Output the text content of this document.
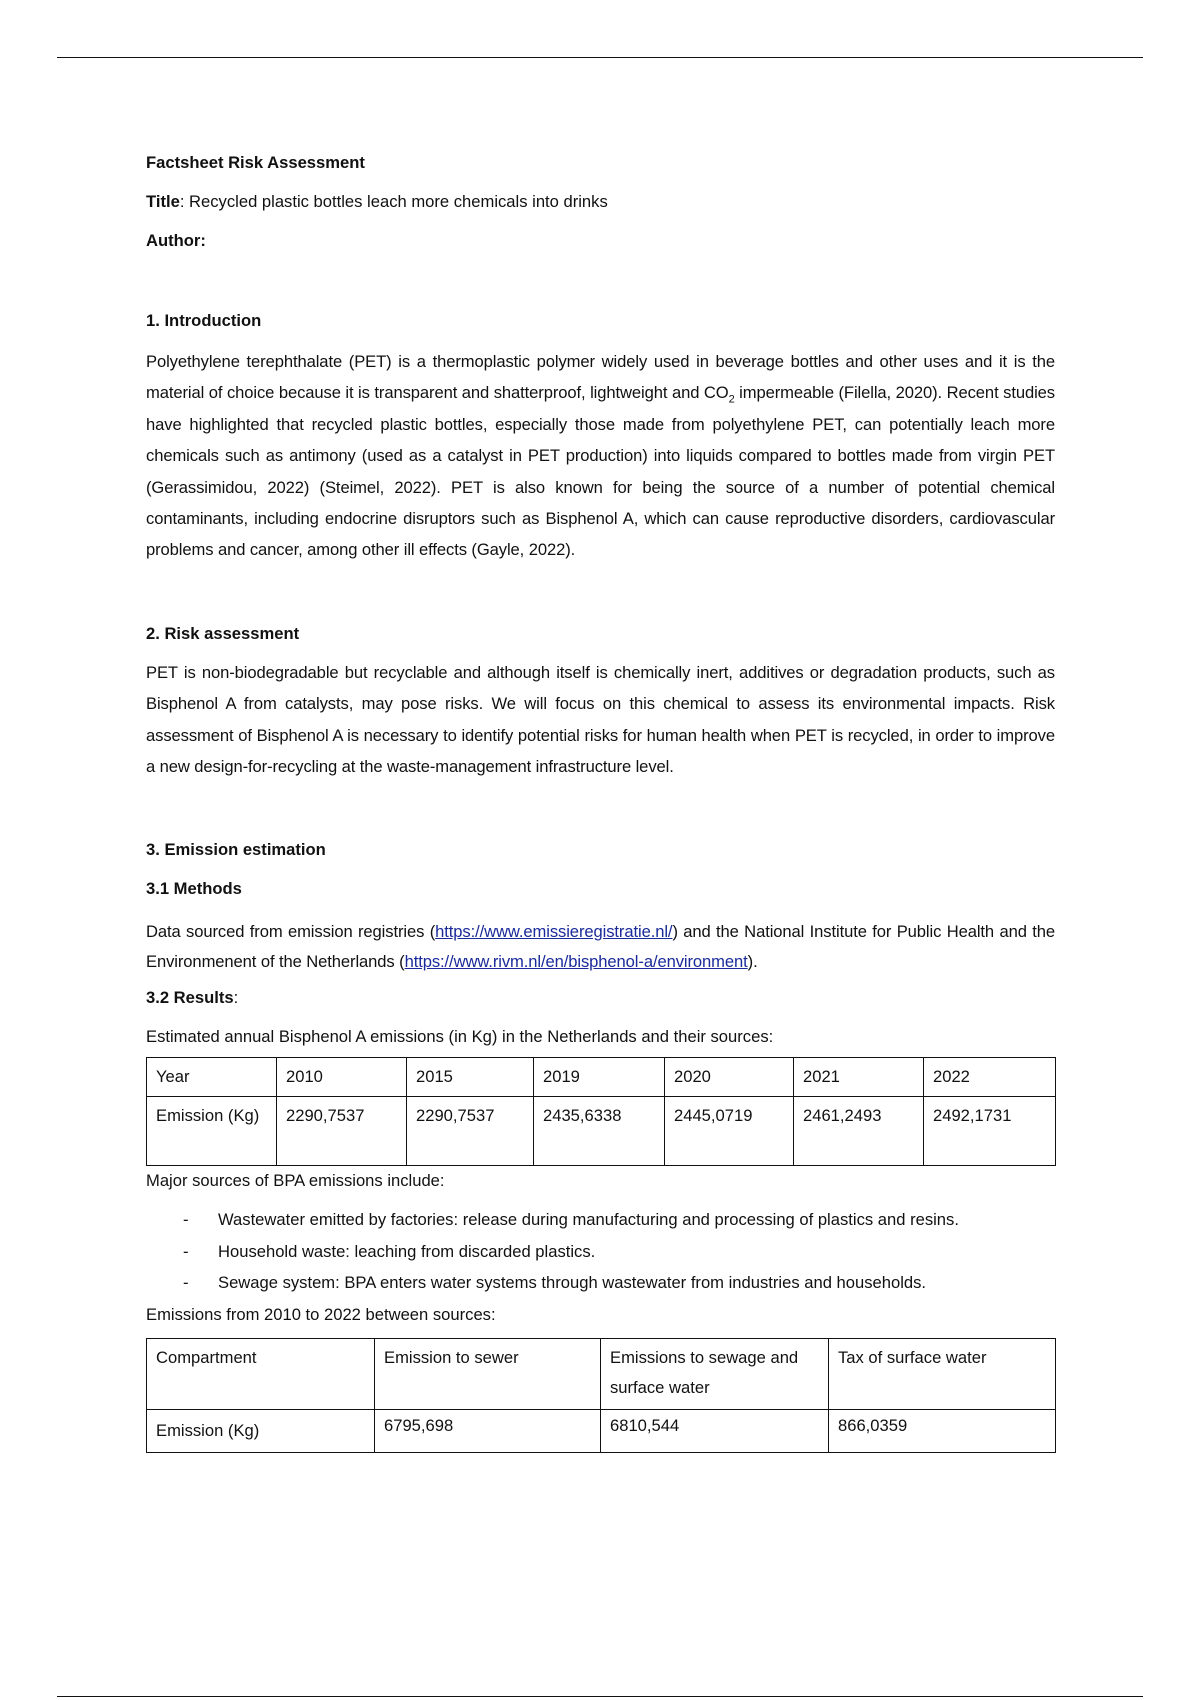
Factsheet Risk Assessment

Title: Recycled plastic bottles leach more chemicals into drinks

Author:

1. Introduction

Polyethylene terephthalate (PET) is a thermoplastic polymer widely used in beverage bottles and other uses and it is the material of choice because it is transparent and shatterproof, lightweight and $CO_2$ impermeable (Filella, 2020). Recent studies have highlighted that recycled plastic bottles, especially those made from polyethylene PET, can potentially leach more chemicals such as antimony (used as a catalyst in PET production) into liquids compared to bottles made from virgin PET (Gerassimidou, 2022) (Steimel, 2022). PET is also known for being the source of a number of potential chemical contaminants, including endocrine disruptors such as Bisphenol A, which can cause reproductive disorders, cardiovascular problems and cancer, among other ill effects (Gayle, 2022).

2. Risk assessment

PET is non-biodegradable but recyclable and although itself is chemically inert, additives or degradation products, such as Bisphenol A from catalysts, may pose risks. We will focus on this chemical to assess its environmental impacts. Risk assessment of Bisphenol A is necessary to identify potential risks for human health when PET is recycled, in order to improve a new design-for-recycling at the waste-management infrastructure level.

3. Emission estimation

3.1 Methods

Data sourced from emission registries (https://www.emissieregistratie.nl/) and the National Institute for Public Health and the Environmenent of the Netherlands (https://www.rivm.nl/en/bisphenol-a/environment).

3.2 Results:

Estimated annual Bisphenol A emissions (in Kg) in the Netherlands and their sources:

Year	2010	2015	2019	2020	2021	2022
Emission (Kg)	2290,7537	2290,7537	2435,6338	2445,0719	2461,2493	2492,1731

Major sources of BPA emissions include:

- Wastewater emitted by factories: release during manufacturing and processing of plastics and resins.
- Household waste: leaching from discarded plastics.
- Sewage system: BPA enters water systems through wastewater from industries and households.

Emissions from 2010 to 2022 between sources:

Compartment	Emission to sewer	Emissions to sewage and surface water	Tax of surface water
Emission (Kg)	6795,698	6810,544	866,0359
